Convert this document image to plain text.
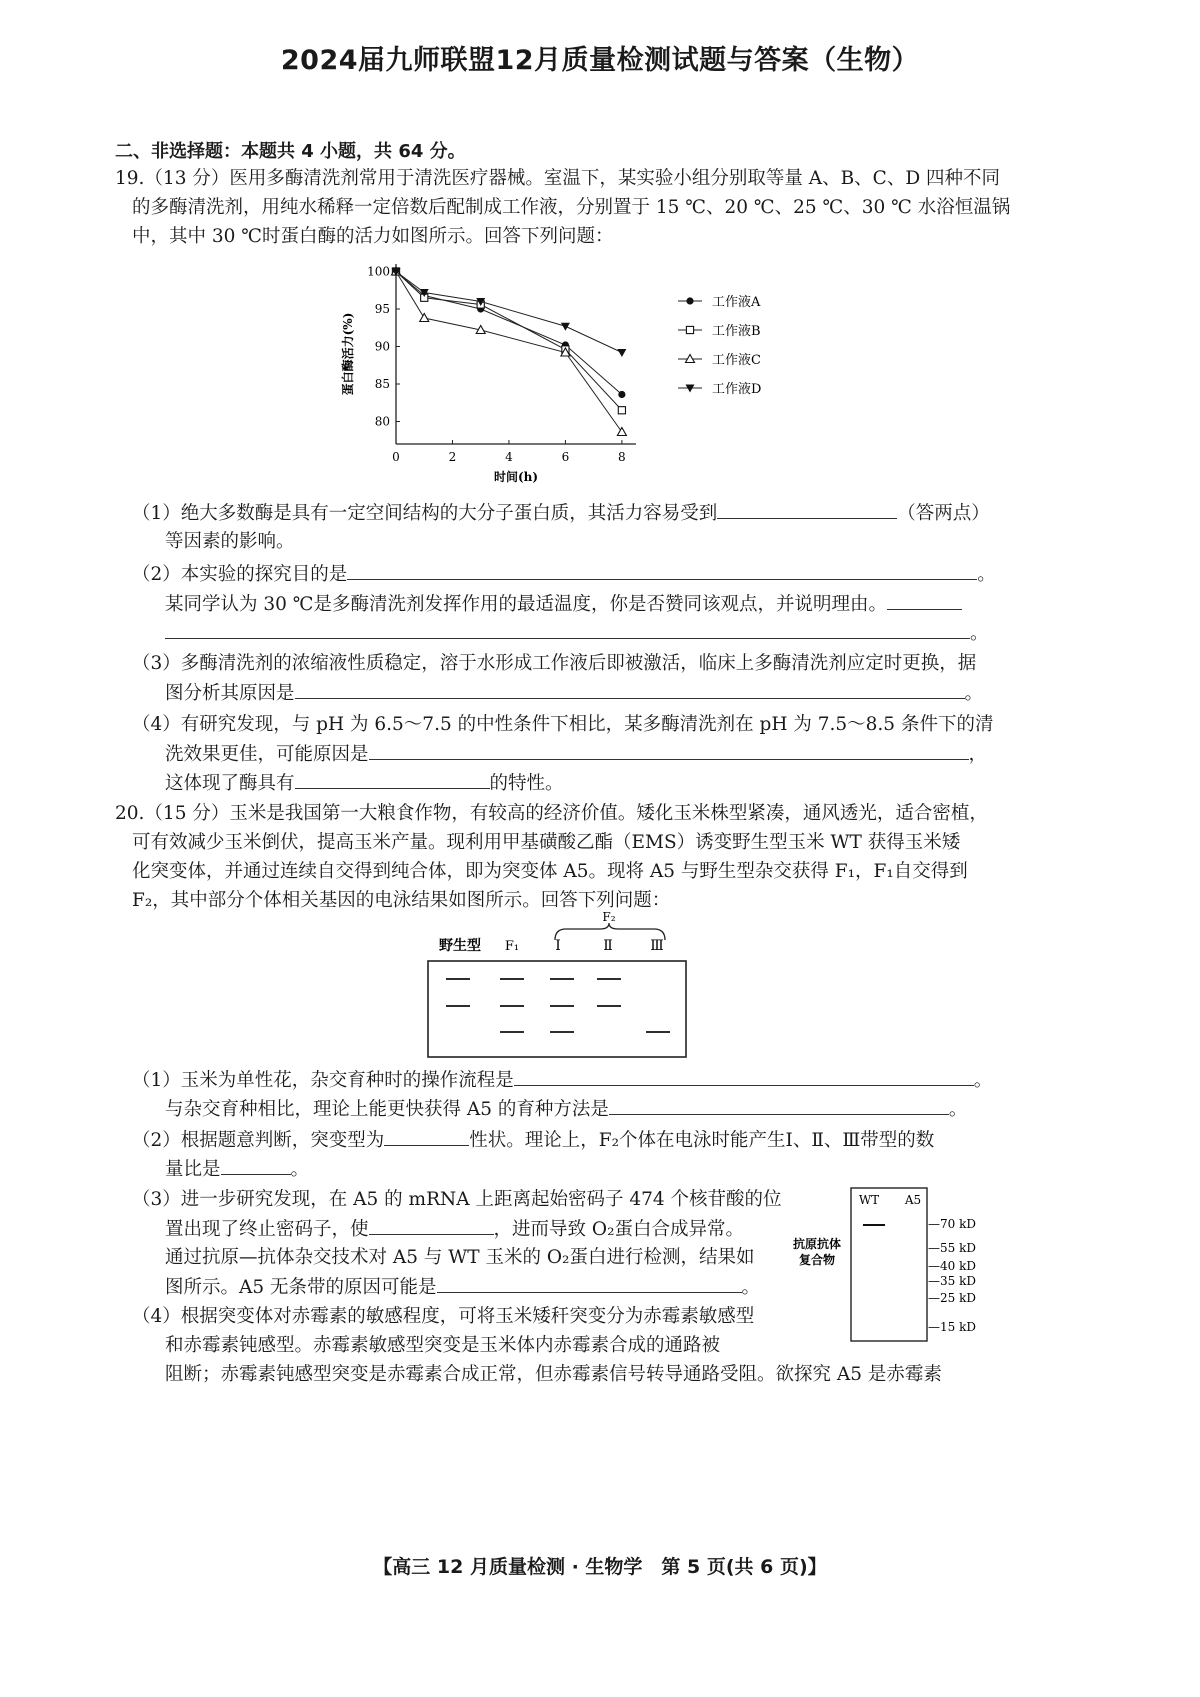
2024届九师联盟12月质量检测试题与答案（生物）
二、非选择题：本题共 4 小题，共 64 分。
19.（13 分）医用多酶清洗剂常用于清洗医疗器械。室温下，某实验小组分别取等量 A、B、C、D 四种不同
的多酶清洗剂，用纯水稀释一定倍数后配制成工作液，分别置于 15 ℃、20 ℃、25 ℃、30 ℃ 水浴恒温锅
中，其中 30 ℃时蛋白酶的活力如图所示。回答下列问题：
0	2	4	6	8
80
85
90
95
100
时间(h)
蛋白酶活力(%)
工作液A
工作液B
工作液C
工作液D
（1）绝大多数酶是具有一定空间结构的大分子蛋白质，其活力容易受到	（答两点）
等因素的影响。
（2）本实验的探究目的是	。
某同学认为 30 ℃是多酶清洗剂发挥作用的最适温度，你是否赞同该观点，并说明理由。
。
（3）多酶清洗剂的浓缩液性质稳定，溶于水形成工作液后即被激活，临床上多酶清洗剂应定时更换，据
图分析其原因是	。
（4）有研究发现，与 pH 为 6.5～7.5 的中性条件下相比，某多酶清洗剂在 pH 为 7.5～8.5 条件下的清
洗效果更佳，可能原因是	，
这体现了酶具有	的特性。
20.（15 分）玉米是我国第一大粮食作物，有较高的经济价值。矮化玉米株型紧凑，通风透光，适合密植，
可有效减少玉米倒伏，提高玉米产量。现利用甲基磺酸乙酯（EMS）诱变野生型玉米 WT 获得玉米矮
化突变体，并通过连续自交得到纯合体，即为突变体 A5。现将 A5 与野生型杂交获得 F₁，F₁自交得到
F₂，其中部分个体相关基因的电泳结果如图所示。回答下列问题：
F₂
野生型 F₁	Ⅰ	Ⅱ	Ⅲ
（1）玉米为单性花，杂交育种时的操作流程是	。
与杂交育种相比，理论上能更快获得 A5 的育种方法是	。
（2）根据题意判断，突变型为	性状。理论上，F₂个体在电泳时能产生Ⅰ、Ⅱ、Ⅲ带型的数
量比是	。
（3）进一步研究发现，在 A5 的 mRNA 上距离起始密码子 474 个核苷酸的位
置出现了终止密码子，使	，进而导致 O₂蛋白合成异常。
通过抗原—抗体杂交技术对 A5 与 WT 玉米的 O₂蛋白进行检测，结果如
图所示。A5 无条带的原因可能是	。
（4）根据突变体对赤霉素的敏感程度，可将玉米矮秆突变分为赤霉素敏感型
和赤霉素钝感型。赤霉素敏感型突变是玉米体内赤霉素合成的通路被
阻断；赤霉素钝感型突变是赤霉素合成正常，但赤霉素信号转导通路受阻。欲探究 A5 是赤霉素
WT A5
抗原抗体
复合物
—70 kD
—55 kD
—40 kD
—35 kD
—25 kD
—15 kD
【高三 12 月质量检测 · 生物学　第 5 页(共 6 页)】
